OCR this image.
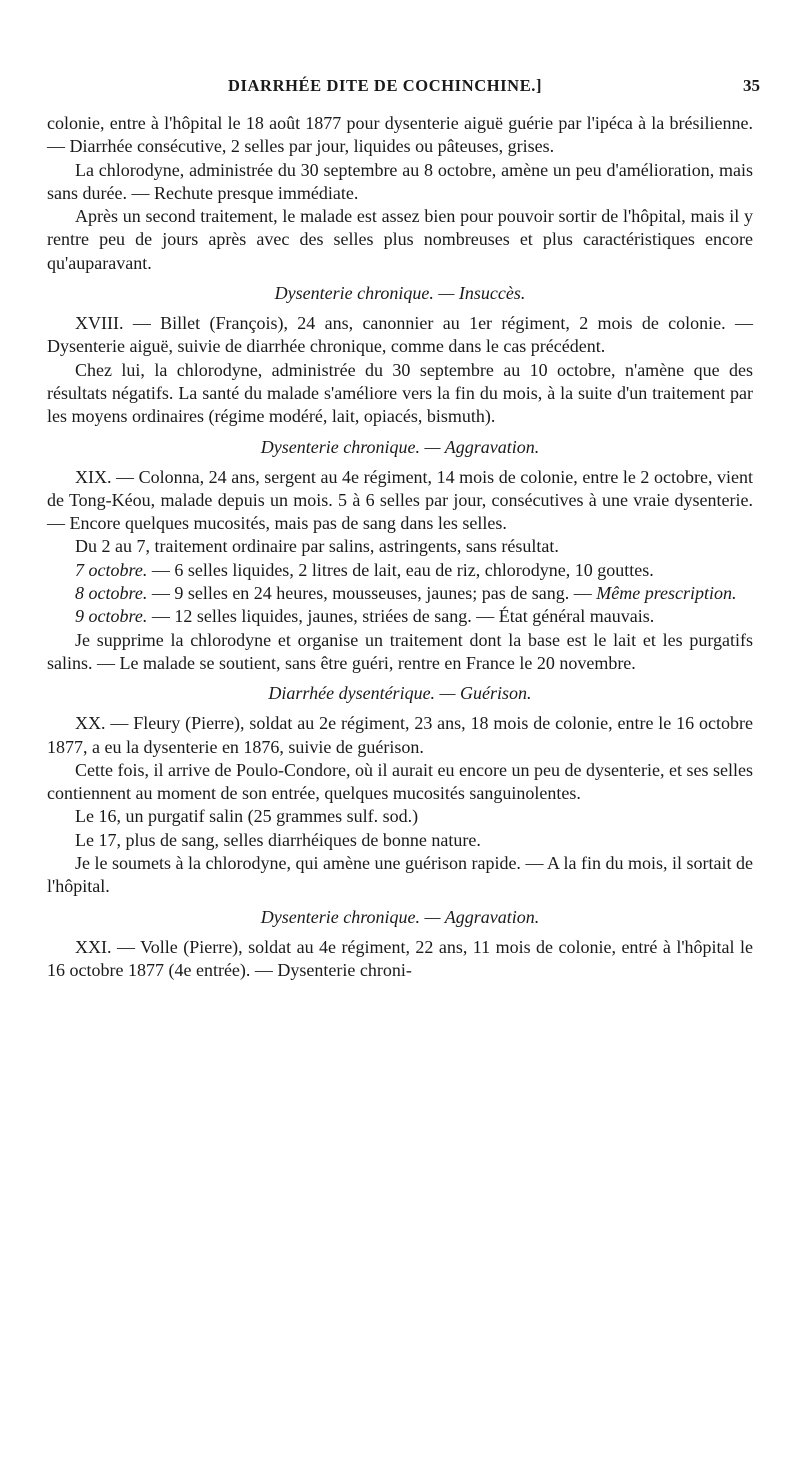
DIARRHÉE DITE DE COCHINCHINE.]	35

colonie, entre à l'hôpital le 18 août 1877 pour dysenterie aiguë guérie par l'ipéca à la brésilienne. — Diarrhée consécutive, 2 selles par jour, liquides ou pâteuses, grises.

La chlorodyne, administrée du 30 septembre au 8 octobre, amène un peu d'amélioration, mais sans durée. — Rechute presque immédiate.

Après un second traitement, le malade est assez bien pour pouvoir sortir de l'hôpital, mais il y rentre peu de jours après avec des selles plus nombreuses et plus caractéristiques encore qu'auparavant.

Dysenterie chronique. — Insuccès.

XVIII. — Billet (François), 24 ans, canonnier au 1er régiment, 2 mois de colonie. — Dysenterie aiguë, suivie de diarrhée chronique, comme dans le cas précédent.

Chez lui, la chlorodyne, administrée du 30 septembre au 10 octobre, n'amène que des résultats négatifs. La santé du malade s'améliore vers la fin du mois, à la suite d'un traitement par les moyens ordinaires (régime modéré, lait, opiacés, bismuth).

Dysenterie chronique. — Aggravation.

XIX. — Colonna, 24 ans, sergent au 4e régiment, 14 mois de colonie, entre le 2 octobre, vient de Tong-Kéou, malade depuis un mois. 5 à 6 selles par jour, consécutives à une vraie dysenterie. — Encore quelques mucosités, mais pas de sang dans les selles.

Du 2 au 7, traitement ordinaire par salins, astringents, sans résultat.

7 octobre. — 6 selles liquides, 2 litres de lait, eau de riz, chlorodyne, 10 gouttes.

8 octobre. — 9 selles en 24 heures, mousseuses, jaunes; pas de sang. — Même prescription.

9 octobre. — 12 selles liquides, jaunes, striées de sang. — État général mauvais.

Je supprime la chlorodyne et organise un traitement dont la base est le lait et les purgatifs salins. — Le malade se soutient, sans être guéri, rentre en France le 20 novembre.

Diarrhée dysentérique. — Guérison.

XX. — Fleury (Pierre), soldat au 2e régiment, 23 ans, 18 mois de colonie, entre le 16 octobre 1877, a eu la dysenterie en 1876, suivie de guérison.

Cette fois, il arrive de Poulo-Condore, où il aurait eu encore un peu de dysenterie, et ses selles contiennent au moment de son entrée, quelques mucosités sanguinolentes.

Le 16, un purgatif salin (25 grammes sulf. sod.)

Le 17, plus de sang, selles diarrhéiques de bonne nature.

Je le soumets à la chlorodyne, qui amène une guérison rapide. — A la fin du mois, il sortait de l'hôpital.

Dysenterie chronique. — Aggravation.

XXI. — Volle (Pierre), soldat au 4e régiment, 22 ans, 11 mois de colonie, entré à l'hôpital le 16 octobre 1877 (4e entrée). — Dysenterie chroni-
